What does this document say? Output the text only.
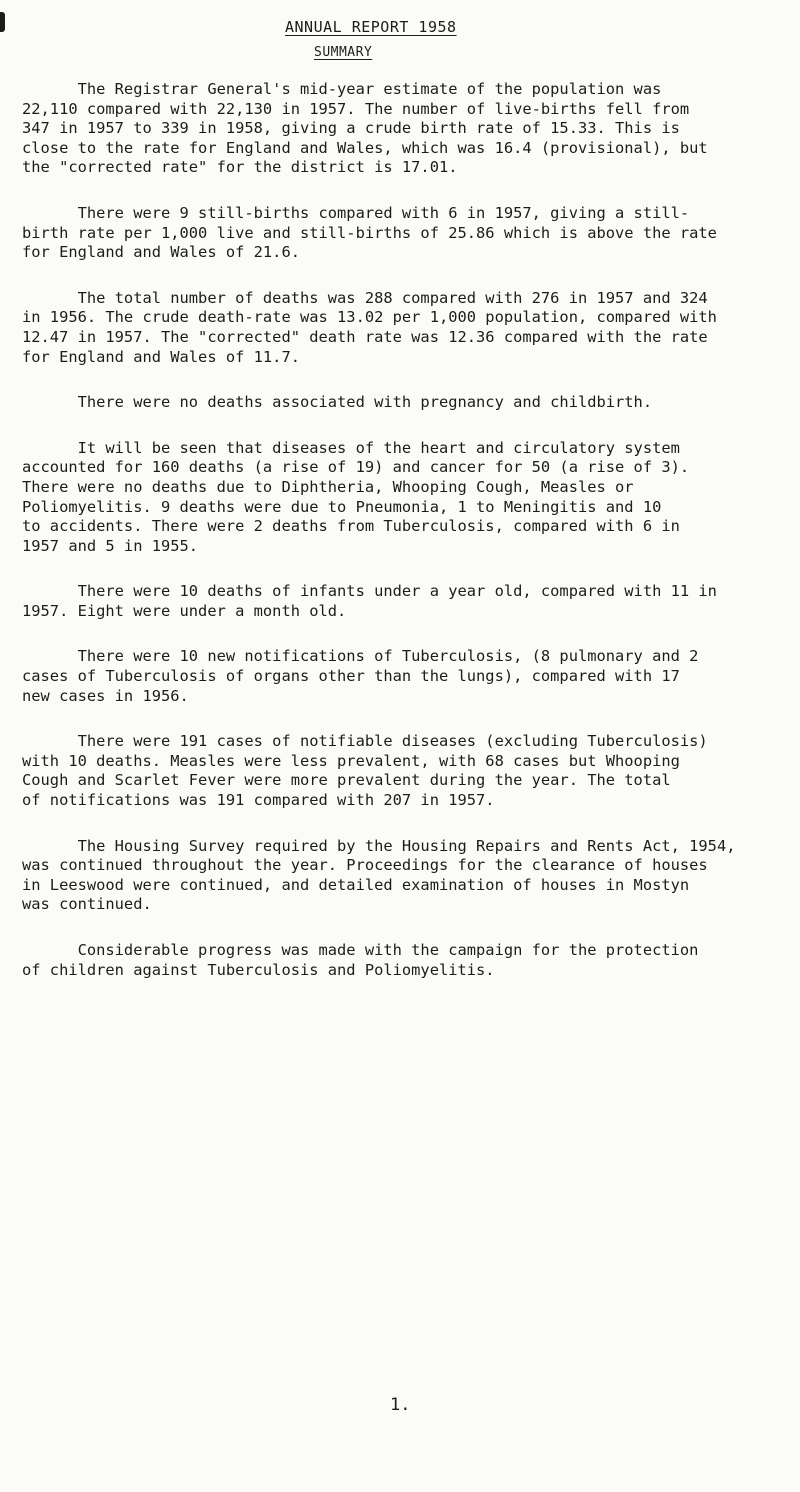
ANNUAL REPORT 1958
SUMMARY

The Registrar General's mid-year estimate of the population was
22,110 compared with 22,130 in 1957. The number of live-births fell from
347 in 1957 to 339 in 1958, giving a crude birth rate of 15.33. This is
close to the rate for England and Wales, which was 16.4 (provisional), but
the "corrected rate" for the district is 17.01.

There were 9 still-births compared with 6 in 1957, giving a still-
birth rate per 1,000 live and still-births of 25.86 which is above the rate
for England and Wales of 21.6.

The total number of deaths was 288 compared with 276 in 1957 and 324
in 1956. The crude death-rate was 13.02 per 1,000 population, compared with
12.47 in 1957. The "corrected" death rate was 12.36 compared with the rate
for England and Wales of 11.7.

There were no deaths associated with pregnancy and childbirth.

It will be seen that diseases of the heart and circulatory system
accounted for 160 deaths (a rise of 19) and cancer for 50 (a rise of 3).
There were no deaths due to Diphtheria, Whooping Cough, Measles or
Poliomyelitis. 9 deaths were due to Pneumonia, 1 to Meningitis and 10
to accidents. There were 2 deaths from Tuberculosis, compared with 6 in
1957 and 5 in 1955.

There were 10 deaths of infants under a year old, compared with 11 in
1957. Eight were under a month old.

There were 10 new notifications of Tuberculosis, (8 pulmonary and 2
cases of Tuberculosis of organs other than the lungs), compared with 17
new cases in 1956.

There were 191 cases of notifiable diseases (excluding Tuberculosis)
with 10 deaths. Measles were less prevalent, with 68 cases but Whooping
Cough and Scarlet Fever were more prevalent during the year. The total
of notifications was 191 compared with 207 in 1957.

The Housing Survey required by the Housing Repairs and Rents Act, 1954,
was continued throughout the year. Proceedings for the clearance of houses
in Leeswood were continued, and detailed examination of houses in Mostyn
was continued.

Considerable progress was made with the campaign for the protection
of children against Tuberculosis and Poliomyelitis.

1.
